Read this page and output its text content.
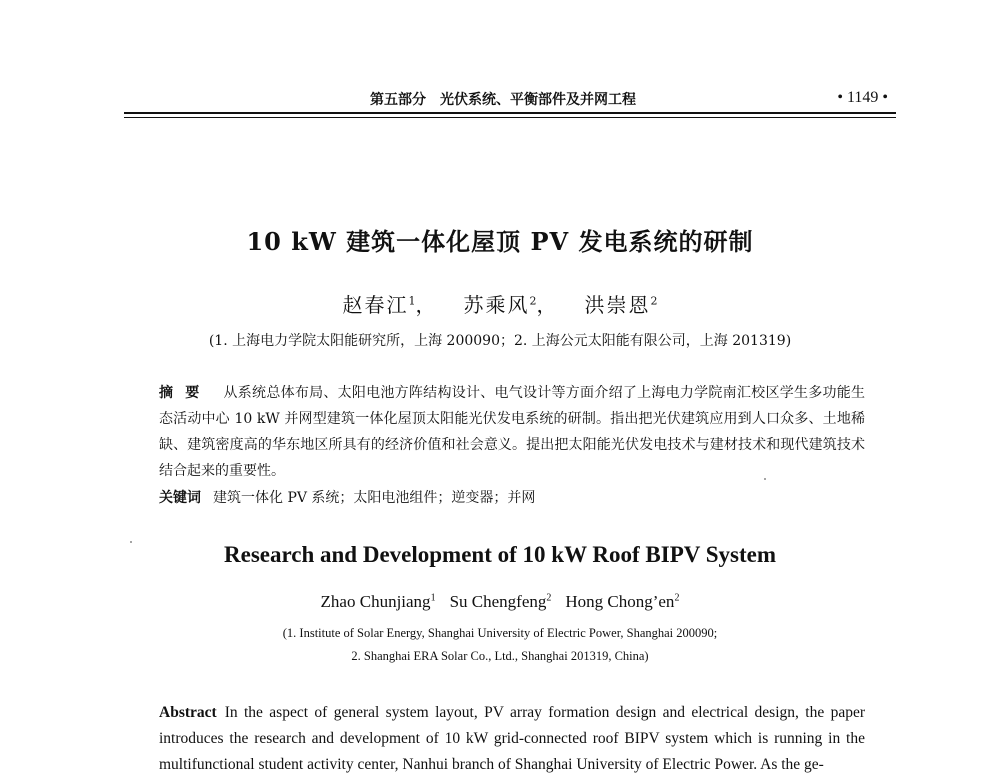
第五部分　光伏系统、平衡部件及并网工程	• 1149 •
10 kW 建筑一体化屋顶 PV 发电系统的研制
赵春江$^1$， 苏乘风$^2$， 洪崇恩$^2$
(1. 上海电力学院太阳能研究所，上海 200090；2. 上海公元太阳能有限公司，上海 201319)
摘要 从系统总体布局、太阳电池方阵结构设计、电气设计等方面介绍了上海电力学院南汇校区学生多功能生态活动中心 10 kW 并网型建筑一体化屋顶太阳能光伏发电系统的研制。指出把光伏建筑应用到人口众多、土地稀缺、建筑密度高的华东地区所具有的经济价值和社会意义。提出把太阳能光伏发电技术与建材技术和现代建筑技术结合起来的重要性。
关键词 建筑一体化 PV 系统；太阳电池组件；逆变器；并网
Research and Development of 10 kW Roof BIPV System
Zhao Chunjiang$^1$ Su Chengfeng$^2$ Hong $Chong’en^2$
(1. Institute of Solar Energy, Shanghai University of Electric Power, Shanghai 200090;
2. Shanghai ERA Solar Co., Ltd., Shanghai 201319, China)
Abstract In the aspect of general system layout, PV array formation design and electrical design, the paper introduces the research and development of 10 kW grid-connected roof BIPV system which is running in the multifunctional student activity center, Nanhui branch of Shanghai University of Electric Power. As the ge-
